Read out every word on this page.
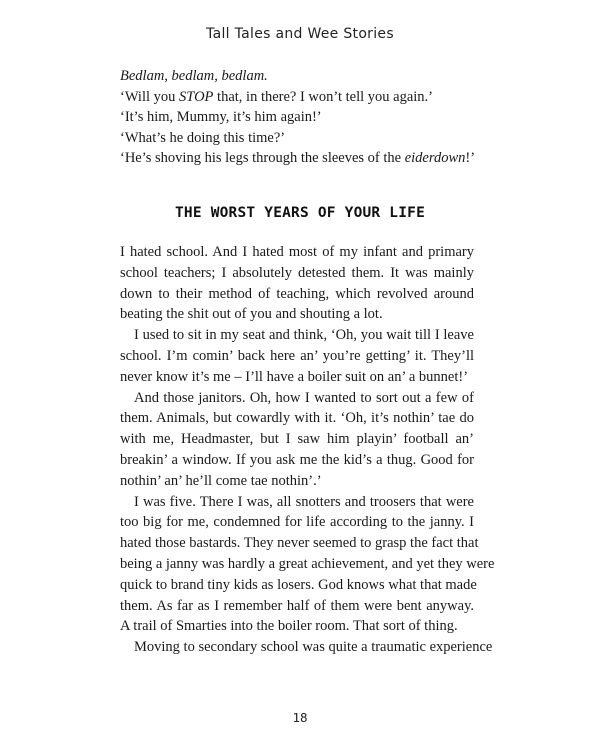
Tall Tales and Wee Stories

Bedlam, bedlam, bedlam.

‘Will you STOP that, in there? I won’t tell you again.’

‘It’s him, Mummy, it’s him again!’

‘What’s he doing this time?’

‘He’s shoving his legs through the sleeves of the eiderdown!’

THE WORST YEARS OF YOUR LIFE
I hated school. And I hated most of my infant and primary
school teachers; I absolutely detested them. It was mainly
down to their method of teaching, which revolved around
beating the shit out of you and shouting a lot.
I used to sit in my seat and think, ‘Oh, you wait till I leave
school. I’m comin’ back here an’ you’re getting’ it. They’ll
never know it’s me – I’ll have a boiler suit on an’ a bunnet!’
And those janitors. Oh, how I wanted to sort out a few of
them. Animals, but cowardly with it. ‘Oh, it’s nothin’ tae do
with me, Headmaster, but I saw him playin’ football an’
breakin’ a window. If you ask me the kid’s a thug. Good for
nothin’ an’ he’ll come tae nothin’.’
I was five. There I was, all snotters and troosers that were
too big for me, condemned for life according to the janny. I
hated those bastards. They never seemed to grasp the fact that
being a janny was hardly a great achievement, and yet they were
quick to brand tiny kids as losers. God knows what that made
them. As far as I remember half of them were bent anyway.
A trail of Smarties into the boiler room. That sort of thing.
Moving to secondary school was quite a traumatic experience
18
